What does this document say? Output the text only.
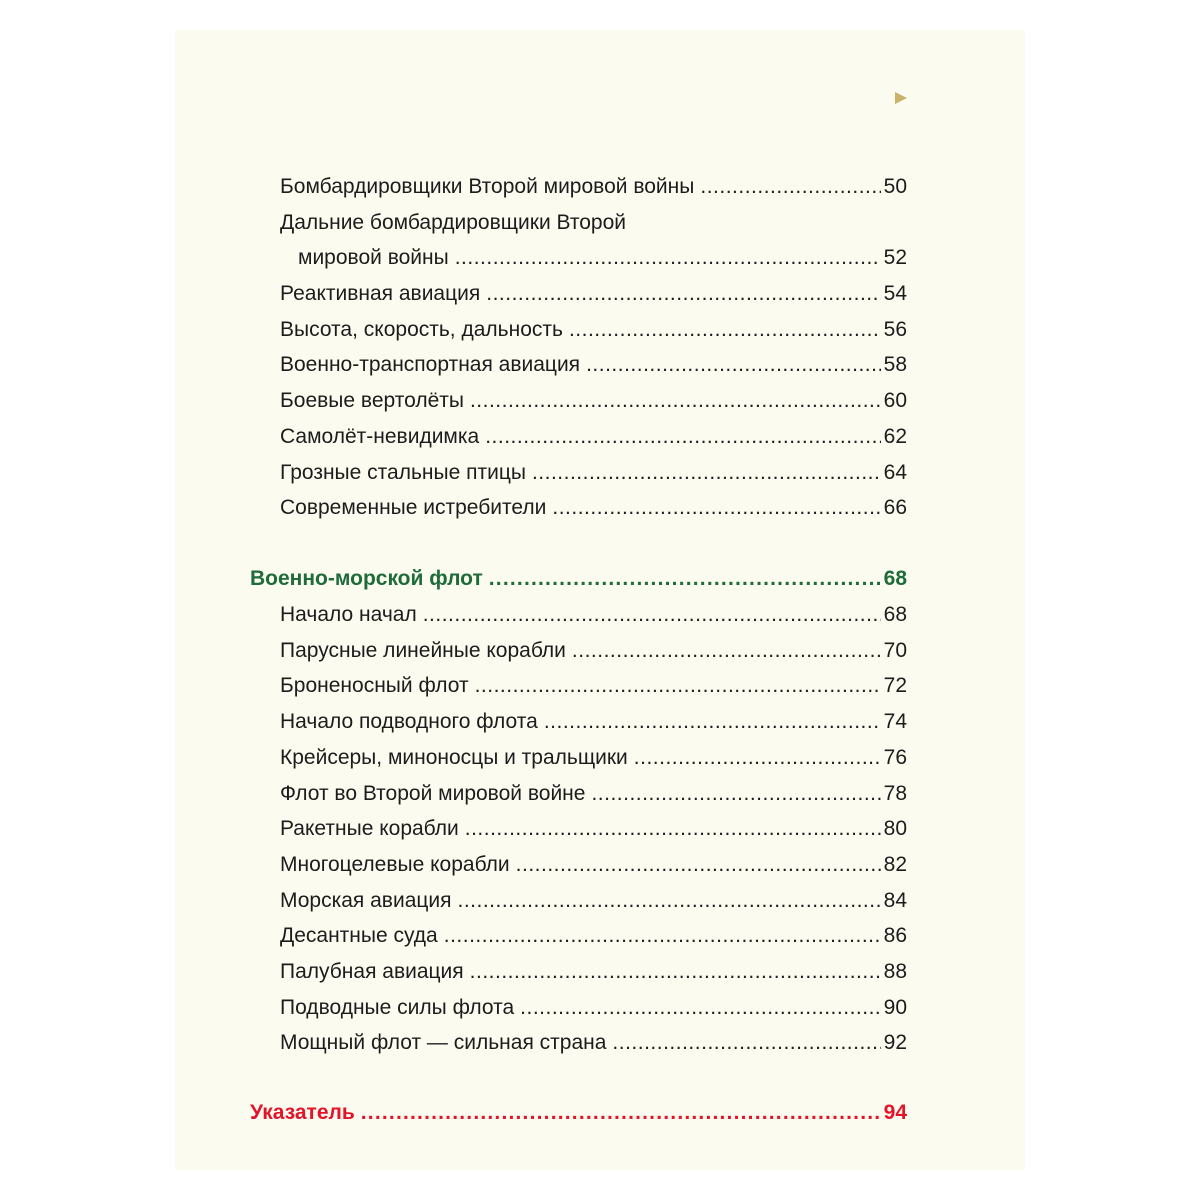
Бомбардировщики Второй мировой войны .....	50
Дальние бомбардировщики Второй
мировой войны .....	52
Реактивная авиация .....	54
Высота, скорость, дальность .....	56
Военно-транспортная авиация .....	58
Боевые вертолёты .....	60
Самолёт-невидимка .....	62
Грозные стальные птицы .....	64
Современные истребители .....	66
Военно-морской флот .....	68
Начало начал .....	68
Парусные линейные корабли .....	70
Броненосный флот .....	72
Начало подводного флота .....	74
Крейсеры, миноносцы и тральщики .....	76
Флот во Второй мировой войне .....	78
Ракетные корабли .....	80
Многоцелевые корабли .....	82
Морская авиация .....	84
Десантные суда .....	86
Палубная авиация .....	88
Подводные силы флота .....	90
Мощный флот — сильная страна .....	92
Указатель .....	94
